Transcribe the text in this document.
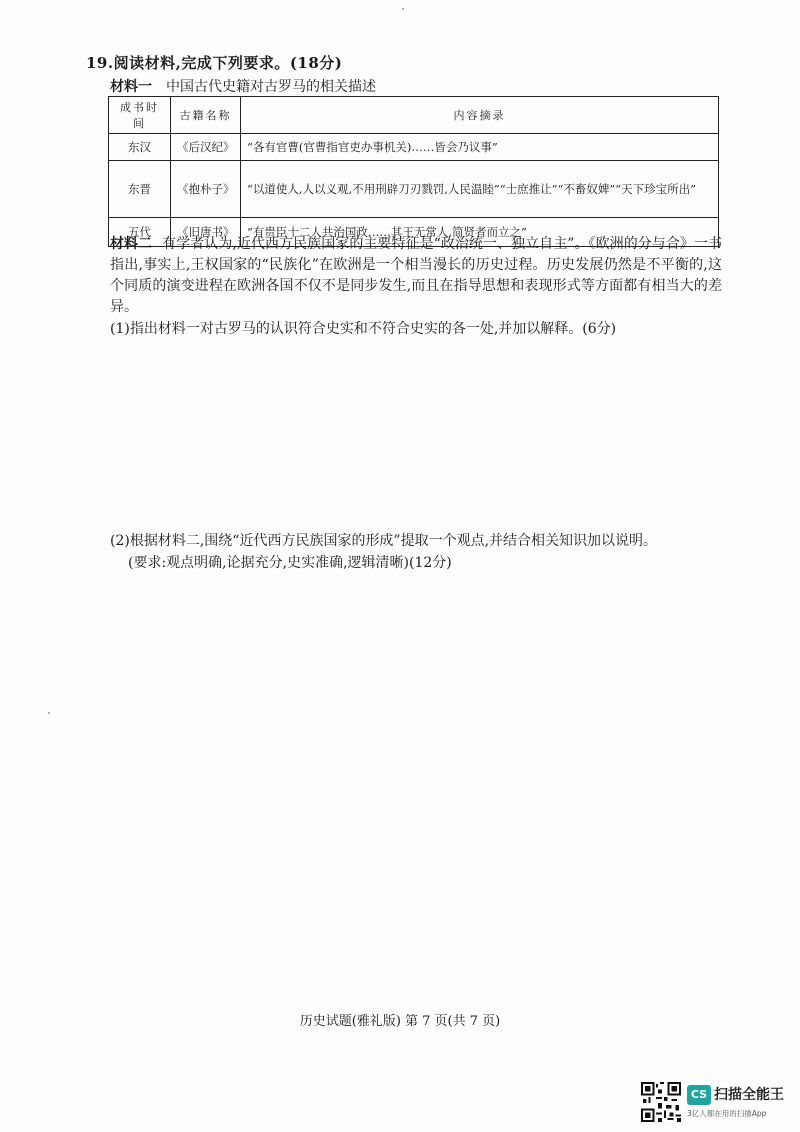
19.阅读材料,完成下列要求。(18分)
材料一 中国古代史籍对古罗马的相关描述
成书时间	古籍名称	内容摘录
东汉	《后汉纪》	“各有官曹(官曹指官吏办事机关)……皆会乃议事”
东晋	《抱朴子》	“以道使人,人以义观,不用刑辟刀刃戮罚,人民温睦”“士庶推让”“不畜奴婢”“天下珍宝所出”
五代	《旧唐书》	“有贵臣十二人共治国政……其王无常人,简贤者而立之”
材料二 有学者认为,近代西方民族国家的主要特征是“政治统一、独立自主”。《欧洲的分与合》一书指出,事实上,王权国家的“民族化”在欧洲是一个相当漫长的历史过程。历史发展仍然是不平衡的,这个同质的演变进程在欧洲各国不仅不是同步发生,而且在指导思想和表现形式等方面都有相当大的差异。
(1)指出材料一对古罗马的认识符合史实和不符合史实的各一处,并加以解释。(6分)
(2)根据材料二,围绕“近代西方民族国家的形成”提取一个观点,并结合相关知识加以说明。
(要求:观点明确,论据充分,史实准确,逻辑清晰)(12分)
历史试题(雅礼版) 第 7 页(共 7 页)
CS 扫描全能王
3亿人都在用的扫描App
